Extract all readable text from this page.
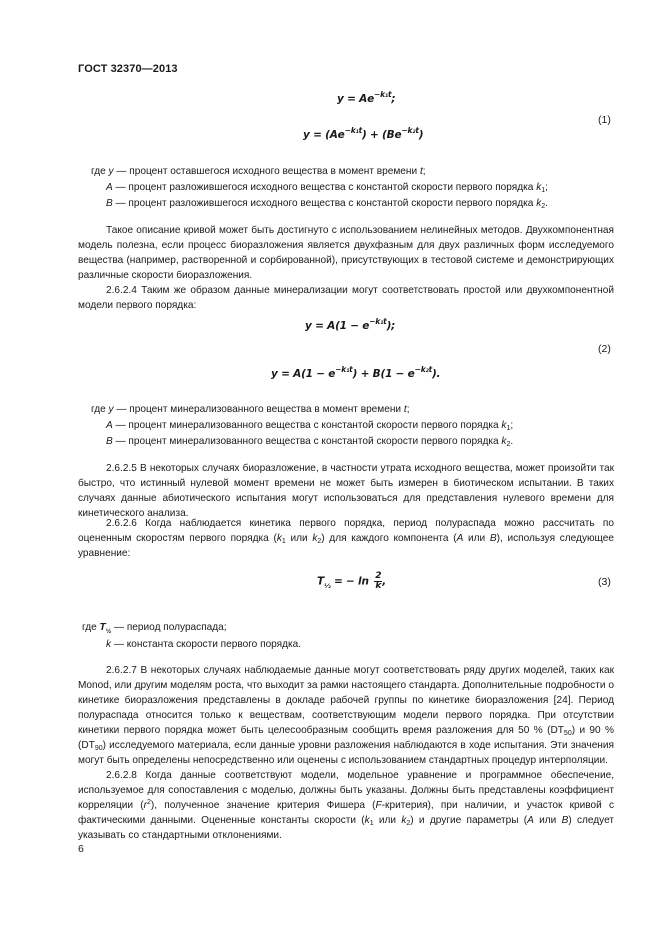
ГОСТ 32370—2013
$y = Ae^{-k_1t}$;
$y = (Ae^{-k_1t}) + (Be^{-k_2t})$
(1)
где y — процент оставшегося исходного вещества в момент времени t;
A — процент разложившегося исходного вещества с константой скорости первого порядка $k_1$;
B — процент разложившегося исходного вещества с константой скорости первого порядка $k_2$.
Такое описание кривой может быть достигнуто с использованием нелинейных методов. Двухкомпонентная модель полезна, если процесс биоразложения является двухфазным для двух различных форм исследуемого вещества (например, растворенной и сорбированной), присутствующих в тестовой системе и демонстрирующих различные скорости биоразложения.
2.6.2.4 Таким же образом данные минерализации могут соответствовать простой или двухкомпонентной модели первого порядка:
$y = A(1 - e^{-k_1t})$;
$y = A(1 - e^{-k_1t}) + B(1 - e^{-k_2t})$.
(2)
где y — процент минерализованного вещества в момент времени t;
A — процент минерализованного вещества с константой скорости первого порядка $k_1$;
B — процент минерализованного вещества с константой скорости первого порядка $k_2$.
2.6.2.5 В некоторых случаях биоразложение, в частности утрата исходного вещества, может произойти так быстро, что истинный нулевой момент времени не может быть измерен в биотическом испытании. В таких случаях данные абиотического испытания могут использоваться для представления нулевого времени для кинетического анализа.
2.6.2.6 Когда наблюдается кинетика первого порядка, период полураспада можно рассчитать по оцененным скоростям первого порядка ($k_1$ или $k_2$) для каждого компонента (A или B), используя следующее уравнение:
T½ = − $\ln \frac{2}{k}$ ,	(3)
где T½ — период полураспада;
k — константа скорости первого порядка.
2.6.2.7 В некоторых случаях наблюдаемые данные могут соответствовать ряду других моделей, таких как Monod, или другим моделям роста, что выходит за рамки настоящего стандарта. Дополнительные подробности о кинетике биоразложения представлены в докладе рабочей группы по кинетике биоразложения [24]. Период полураспада относится только к веществам, соответствующим модели первого порядка. При отсутствии кинетики первого порядка может быть целесообразным сообщить время разложения для 50 % $(DT_{50})$ и 90 % $(DT_{90})$ исследуемого материала, если данные уровни разложения наблюдаются в ходе испытания. Эти значения могут быть определены непосредственно или оценены с использованием стандартных процедур интерполяции.
2.6.2.8 Когда данные соответствуют модели, модельное уравнение и программное обеспечение, используемое для сопоставления с моделью, должны быть указаны. Должны быть представлены коэффициент корреляции $(r^2)$, полученное значение критерия Фишера (F-критерия), при наличии, и участок кривой с фактическими данными. Оцененные константы скорости ($k_1$ или $k_2$) и другие параметры (A или B) следует указывать со стандартными отклонениями.
6
